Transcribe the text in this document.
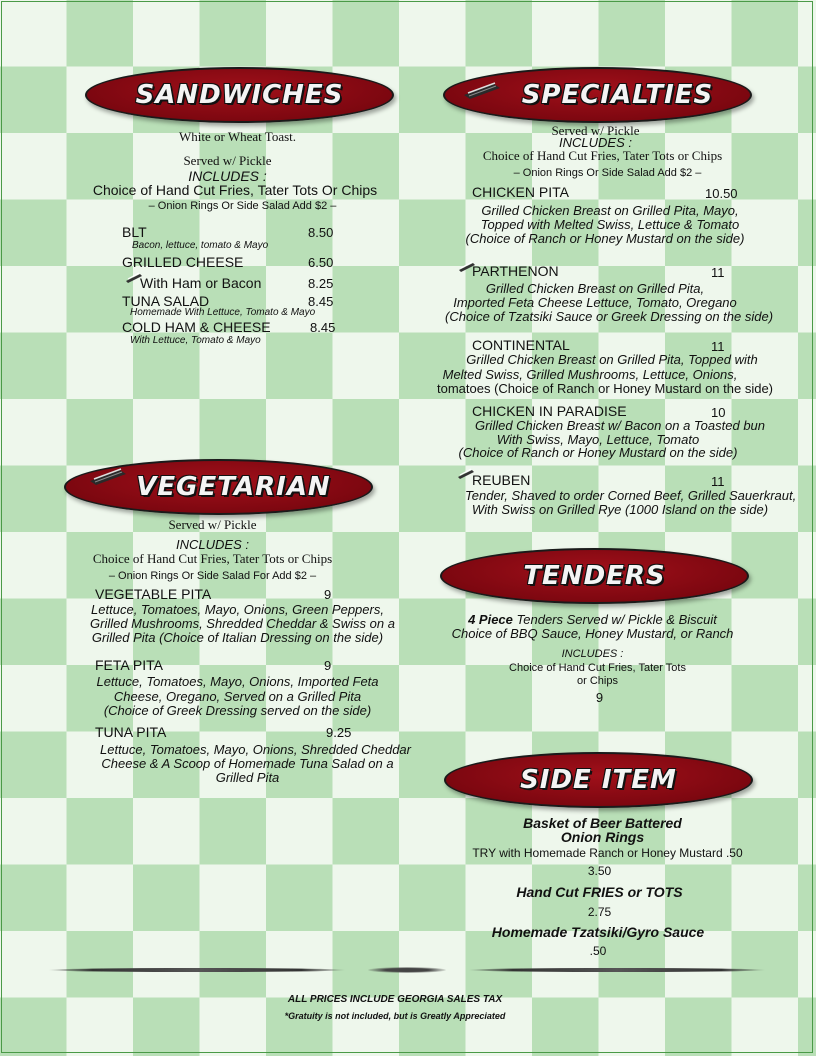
SANDWICHES
White or Wheat Toast.
Served w/ Pickle
INCLUDES :
Choice of Hand Cut Fries, Tater Tots Or Chips
– Onion Rings Or Side Salad Add $2 –
BLT	8.50
Bacon, lettuce, tomato & Mayo
GRILLED CHEESE	6.50
With Ham or Bacon	8.25
TUNA SALAD	8.45
Homemade With Lettuce, Tomato & Mayo
COLD HAM & CHEESE	8.45
With Lettuce, Tomato & Mayo
VEGETARIAN
Served w/ Pickle
INCLUDES :
Choice of Hand Cut Fries, Tater Tots or Chips
– Onion Rings Or Side Salad For Add $2 –
VEGETABLE PITA	9
Lettuce, Tomatoes, Mayo, Onions, Green Peppers,
Grilled Mushrooms, Shredded Cheddar & Swiss on a
Grilled Pita (Choice of Italian Dressing on the side)
FETA PITA	9
Lettuce, Tomatoes, Mayo, Onions, Imported Feta
Cheese, Oregano, Served on a Grilled Pita
(Choice of Greek Dressing served on the side)
TUNA PITA	9.25
Lettuce, Tomatoes, Mayo, Onions, Shredded Cheddar
Cheese & A Scoop of Homemade Tuna Salad on a
Grilled Pita
SPECIALTIES
Served w/ Pickle
INCLUDES :
Choice of Hand Cut Fries, Tater Tots or Chips
– Onion Rings Or Side Salad Add $2 –
CHICKEN PITA	10.50
Grilled Chicken Breast on Grilled Pita, Mayo,
Topped with Melted Swiss, Lettuce & Tomato
(Choice of Ranch or Honey Mustard on the side)
PARTHENON	11
Grilled Chicken Breast on Grilled Pita,
Imported Feta Cheese Lettuce, Tomato, Oregano
(Choice of Tzatsiki Sauce or Greek Dressing on the side)
CONTINENTAL	11
Grilled Chicken Breast on Grilled Pita, Topped with
Melted Swiss, Grilled Mushrooms, Lettuce, Onions,
tomatoes (Choice of Ranch or Honey Mustard on the side)
CHICKEN IN PARADISE	10
Grilled Chicken Breast w/ Bacon on a Toasted bun
With Swiss, Mayo, Lettuce, Tomato
(Choice of Ranch or Honey Mustard on the side)
REUBEN	11
Tender, Shaved to order Corned Beef, Grilled Sauerkraut,
With Swiss on Grilled Rye (1000 Island on the side)
TENDERS
4 Piece Tenders Served w/ Pickle & Biscuit
Choice of BBQ Sauce, Honey Mustard, or Ranch
INCLUDES :
Choice of Hand Cut Fries, Tater Tots
or Chips
9
SIDE ITEM
Basket of Beer Battered
Onion Rings
TRY with Homemade Ranch or Honey Mustard .50
3.50
Hand Cut FRIES or TOTS
2.75
Homemade Tzatsiki/Gyro Sauce
.50
ALL PRICES INCLUDE GEORGIA SALES TAX
*Gratuity is not included, but is Greatly Appreciated
